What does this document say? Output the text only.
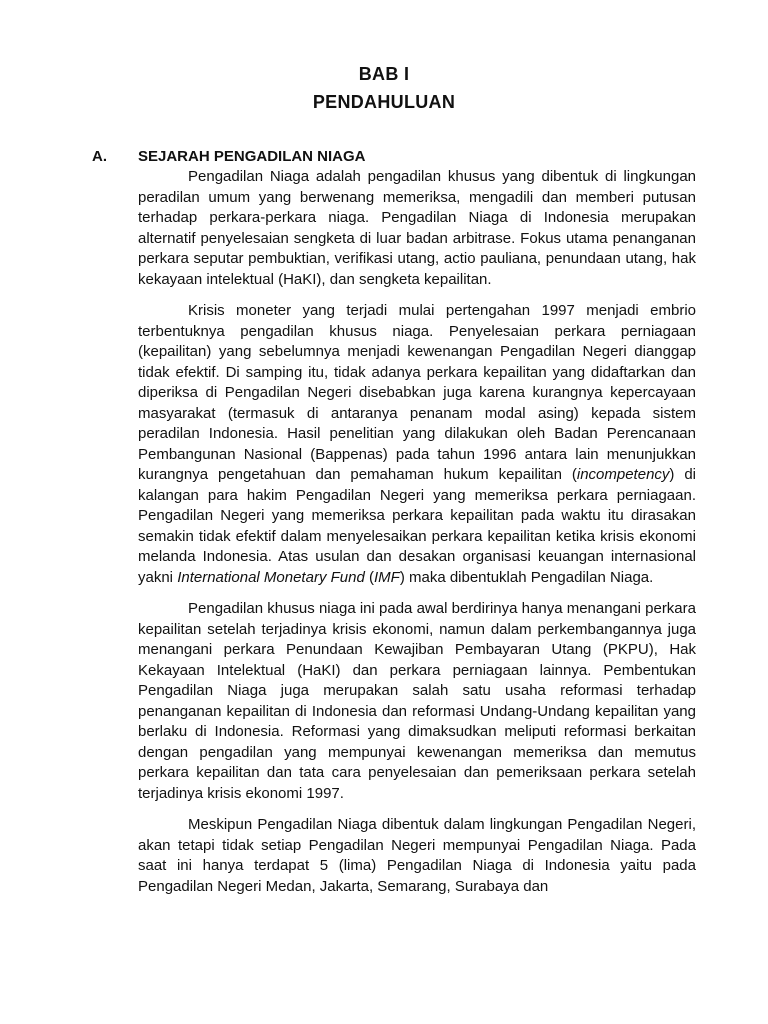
BAB I
PENDAHULUAN
A. SEJARAH PENGADILAN NIAGA

Pengadilan Niaga adalah pengadilan khusus yang dibentuk di lingkungan peradilan umum yang berwenang memeriksa, mengadili dan memberi putusan terhadap perkara-perkara niaga. Pengadilan Niaga di Indonesia merupakan alternatif penyelesaian sengketa di luar badan arbitrase. Fokus utama penanganan perkara seputar pembuktian, verifikasi utang, actio pauliana, penundaan utang, hak kekayaan intelektual (HaKI), dan sengketa kepailitan.

Krisis moneter yang terjadi mulai pertengahan 1997 menjadi embrio terbentuknya pengadilan khusus niaga. Penyelesaian perkara perniagaan (kepailitan) yang sebelumnya menjadi kewenangan Pengadilan Negeri dianggap tidak efektif. Di samping itu, tidak adanya perkara kepailitan yang didaftarkan dan diperiksa di Pengadilan Negeri disebabkan juga karena kurangnya kepercayaan masyarakat (termasuk di antaranya penanam modal asing) kepada sistem peradilan Indonesia. Hasil penelitian yang dilakukan oleh Badan Perencanaan Pembangunan Nasional (Bappenas) pada tahun 1996 antara lain menunjukkan kurangnya pengetahuan dan pemahaman hukum kepailitan (incompetency) di kalangan para hakim Pengadilan Negeri yang memeriksa perkara perniagaan. Pengadilan Negeri yang memeriksa perkara kepailitan pada waktu itu dirasakan semakin tidak efektif dalam menyelesaikan perkara kepailitan ketika krisis ekonomi melanda Indonesia. Atas usulan dan desakan organisasi keuangan internasional yakni International Monetary Fund (IMF) maka dibentuklah Pengadilan Niaga.

Pengadilan khusus niaga ini pada awal berdirinya hanya menangani perkara kepailitan setelah terjadinya krisis ekonomi, namun dalam perkembangannya juga menangani perkara Penundaan Kewajiban Pembayaran Utang (PKPU), Hak Kekayaan Intelektual (HaKI) dan perkara perniagaan lainnya. Pembentukan Pengadilan Niaga juga merupakan salah satu usaha reformasi terhadap penanganan kepailitan di Indonesia dan reformasi Undang-Undang kepailitan yang berlaku di Indonesia. Reformasi yang dimaksudkan meliputi reformasi berkaitan dengan pengadilan yang mempunyai kewenangan memeriksa dan memutus perkara kepailitan dan tata cara penyelesaian dan pemeriksaan perkara setelah terjadinya krisis ekonomi 1997.

Meskipun Pengadilan Niaga dibentuk dalam lingkungan Pengadilan Negeri, akan tetapi tidak setiap Pengadilan Negeri mempunyai Pengadilan Niaga. Pada saat ini hanya terdapat 5 (lima) Pengadilan Niaga di Indonesia yaitu pada Pengadilan Negeri Medan, Jakarta, Semarang, Surabaya dan
